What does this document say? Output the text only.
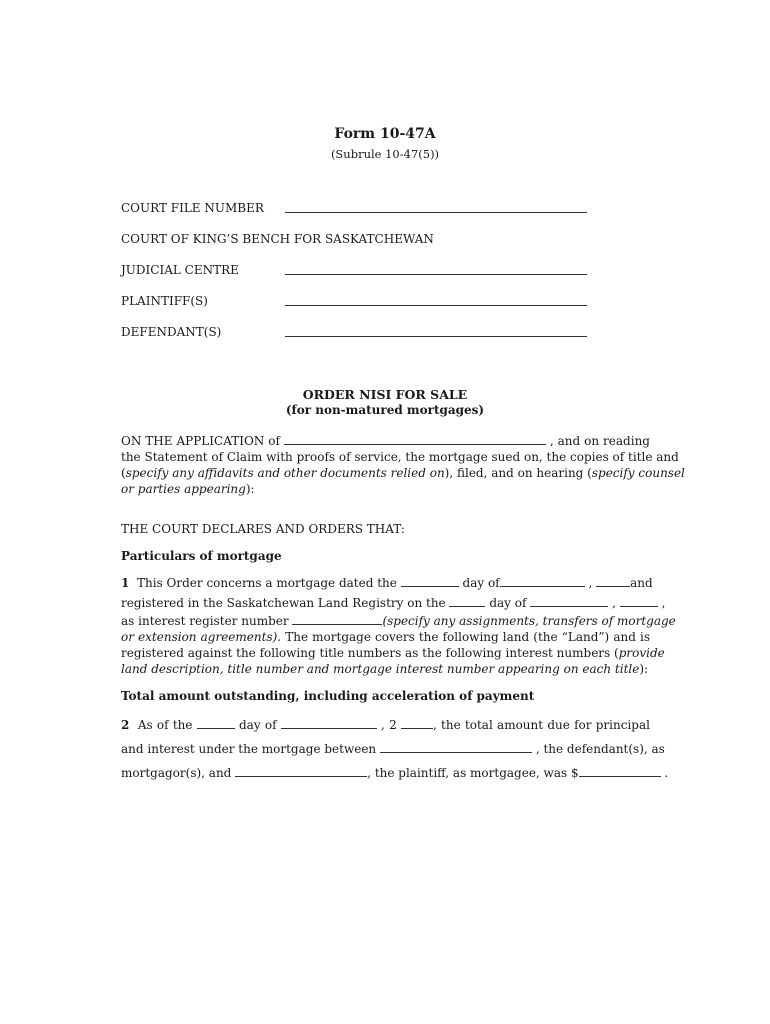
Form 10-47A
(Subrule 10-47(5))
COURT FILE NUMBER
COURT OF KING’S BENCH FOR SASKATCHEWAN
JUDICIAL CENTRE
PLAINTIFF(S)
DEFENDANT(S)
ORDER NISI FOR SALE
(for non-matured mortgages)
ON THE APPLICATION of	, and on reading
the Statement of Claim with proofs of service, the mortgage sued on, the copies of title and
(specify any affidavits and other documents relied on), filed, and on hearing (specify counsel
or parties appearing):
THE COURT DECLARES AND ORDERS THAT:
Particulars of mortgage
1 This Order concerns a mortgage dated the	day of	,	and
registered in the Saskatchewan Land Registry on the	day of	,	,
as interest register number	(specify any assignments, transfers of mortgage
or extension agreements). The mortgage covers the following land (the “Land”) and is
registered against the following title numbers as the following interest numbers (provide
land description, title number and mortgage interest number appearing on each title):
Total amount outstanding, including acceleration of payment
2 As of the	day of	, 2	, the total amount due for principal
and interest under the mortgage between	, the defendant(s), as
mortgagor(s), and	, the plaintiff, as mortgagee, was $	.
